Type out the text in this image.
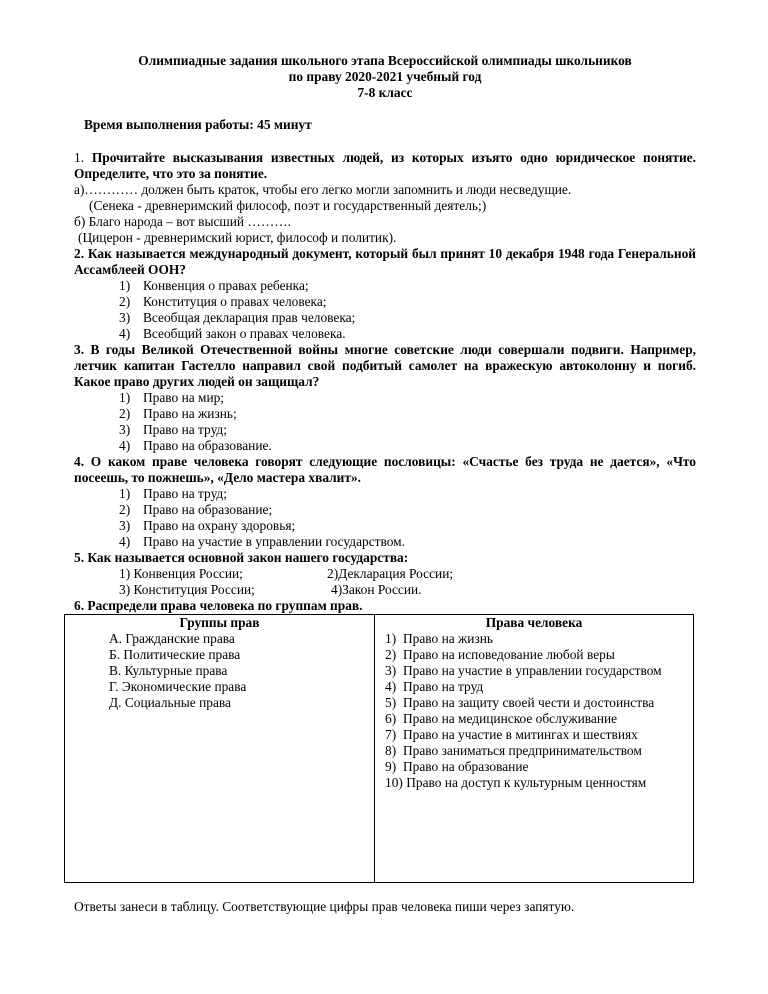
Олимпиадные задания школьного этапа Всероссийской олимпиады школьников
по праву 2020-2021 учебный год
7-8 класс
Время выполнения работы: 45 минут
1. Прочитайте высказывания известных людей, из которых изъято одно юридическое понятие. Определите, что это за понятие.
а)………… должен быть краток, чтобы его легко могли запомнить и люди несведущие.
(Сенека - древнеримский философ, поэт и государственный деятель;)
б) Благо народа – вот высший ……….
(Цицерон - древнеримский юрист, философ и политик).
2. Как называется международный документ, который был принят 10 декабря 1948 года Генеральной Ассамблеей ООН?
1) Конвенция о правах ребенка;
2) Конституция о правах человека;
3) Всеобщая декларация прав человека;
4) Всеобщий закон о правах человека.
3. В годы Великой Отечественной войны многие советские люди совершали подвиги. Например, летчик капитан Гастелло направил свой подбитый самолет на вражескую автоколонну и погиб. Какое право других людей он защищал?
1) Право на мир;
2) Право на жизнь;
3) Право на труд;
4) Право на образование.
4. О каком праве человека говорят следующие пословицы: «Счастье без труда не дается», «Что посеешь, то пожнешь», «Дело мастера хвалит».
1) Право на труд;
2) Право на образование;
3) Право на охрану здоровья;
4) Право на участие в управлении государством.
5. Как называется основной закон нашего государства:
1) Конвенция России;	2)Декларация России;
3) Конституция России;	4)Закон России.
6. Распредели права человека по группам прав.
Группы прав
А. Гражданские права
Б. Политические права
В. Культурные права
Г. Экономические права
Д. Социальные права
Права человека
1) Право на жизнь
2) Право на исповедование любой веры
3) Право на участие в управлении государством
4) Право на труд
5) Право на защиту своей чести и достоинства
6) Право на медицинское обслуживание
7) Право на участие в митингах и шествиях
8) Право заниматься предпринимательством
9) Право на образование
10) Право на доступ к культурным ценностям
Ответы занеси в таблицу. Соответствующие цифры прав человека пиши через запятую.
